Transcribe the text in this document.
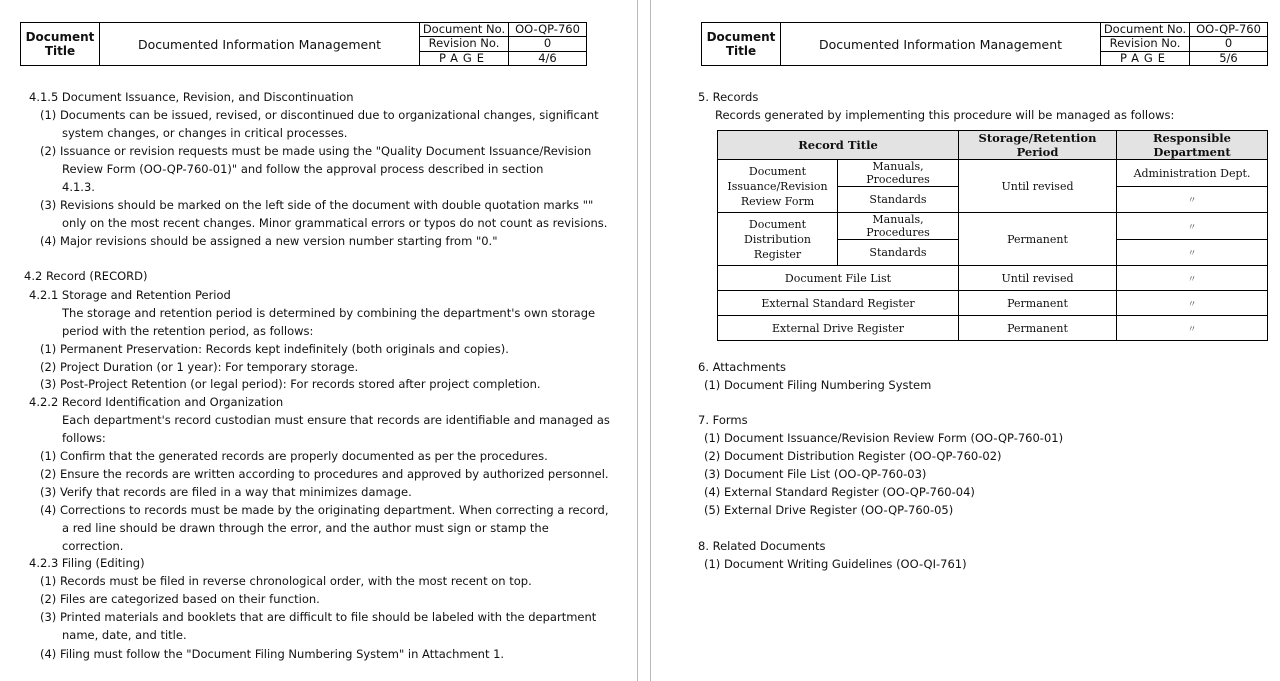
Document Title	Documented Information Management
Document No. OO-QP-760
Revision No.	0
PAGE	4/6
4.1.5 Document Issuance, Revision, and Discontinuation
(1) Documents can be issued, revised, or discontinued due to organizational changes, significant
system changes, or changes in critical processes.
(2) Issuance or revision requests must be made using the "Quality Document Issuance/Revision
Review Form (OO-QP-760-01)" and follow the approval process described in section
4.1.3.
(3) Revisions should be marked on the left side of the document with double quotation marks ""
only on the most recent changes. Minor grammatical errors or typos do not count as revisions.
(4) Major revisions should be assigned a new version number starting from "0."
4.2 Record (RECORD)
4.2.1 Storage and Retention Period
The storage and retention period is determined by combining the department's own storage
period with the retention period, as follows:
(1) Permanent Preservation: Records kept indefinitely (both originals and copies).
(2) Project Duration (or 1 year): For temporary storage.
(3) Post-Project Retention (or legal period): For records stored after project completion.
4.2.2 Record Identification and Organization
Each department's record custodian must ensure that records are identifiable and managed as
follows:
(1) Confirm that the generated records are properly documented as per the procedures.
(2) Ensure the records are written according to procedures and approved by authorized personnel.
(3) Verify that records are filed in a way that minimizes damage.
(4) Corrections to records must be made by the originating department. When correcting a record,
a red line should be drawn through the error, and the author must sign or stamp the
correction.
4.2.3 Filing (Editing)
(1) Records must be filed in reverse chronological order, with the most recent on top.
(2) Files are categorized based on their function.
(3) Printed materials and booklets that are difficult to file should be labeled with the department
name, date, and title.
(4) Filing must follow the "Document Filing Numbering System" in Attachment 1.
Document Title	Documented Information Management
Document No. OO-QP-760
Revision No.	0
PAGE	5/6
5. Records
Records generated by implementing this procedure will be managed as follows:
Record Title		Storage/Retention Period	Responsible Department
Document Issuance/Revision Review Form	Manuals, Procedures	Until revised	Administration Dept.
	Standards		〃
Document Distribution Register	Manuals, Procedures	Permanent	〃
	Standards		〃
Document File List		Until revised	〃
External Standard Register		Permanent	〃
External Drive Register		Permanent	〃
6. Attachments
(1) Document Filing Numbering System
7. Forms
(1) Document Issuance/Revision Review Form (OO-QP-760-01)
(2) Document Distribution Register (OO-QP-760-02)
(3) Document File List (OO-QP-760-03)
(4) External Standard Register (OO-QP-760-04)
(5) External Drive Register (OO-QP-760-05)
8. Related Documents
(1) Document Writing Guidelines (OO-QI-761)
